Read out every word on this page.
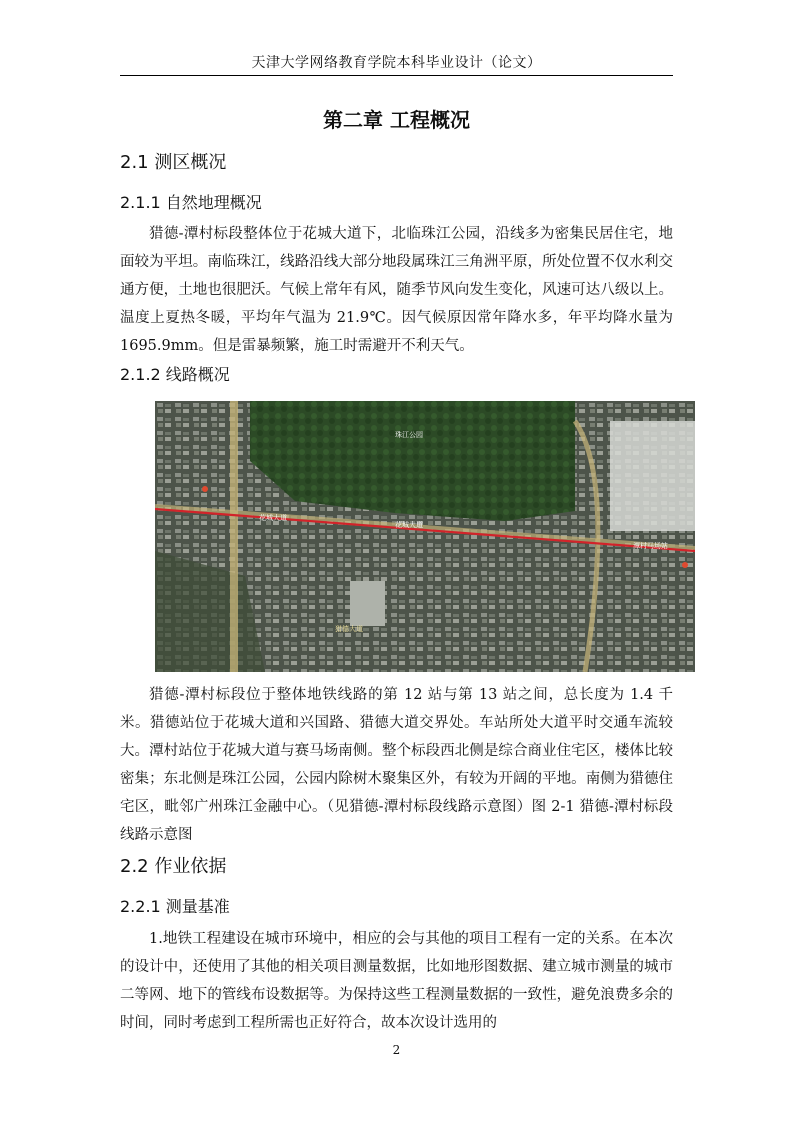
天津大学网络教育学院本科毕业设计（论文）
第二章 工程概况
2.1 测区概况
2.1.1 自然地理概况

猎德-潭村标段整体位于花城大道下，北临珠江公园，沿线多为密集民居住宅，地面较为平坦。南临珠江，线路沿线大部分地段属珠江三角洲平原，所处位置不仅水利交通方便，土地也很肥沃。气候上常年有风，随季节风向发生变化，风速可达八级以上。温度上夏热冬暖，平均年气温为 21.9℃。因气候原因常年降水多，年平均降水量为 1695.9mm。但是雷暴频繁，施工时需避开不利天气。

2.1.2 线路概况
花城大道
花城大道
珠江公园
潭村马场站
猎德大道

猎德-潭村标段位于整体地铁线路的第 12 站与第 13 站之间，总长度为 1.4 千米。猎德站位于花城大道和兴国路、猎德大道交界处。车站所处大道平时交通车流较大。潭村站位于花城大道与赛马场南侧。整个标段西北侧是综合商业住宅区，楼体比较密集；东北侧是珠江公园，公园内除树木聚集区外，有较为开阔的平地。南侧为猎德住宅区，毗邻广州珠江金融中心。（见猎德-潭村标段线路示意图）图 2-1 猎德-潭村标段线路示意图

2.2 作业依据
2.2.1 测量基准

1.地铁工程建设在城市环境中，相应的会与其他的项目工程有一定的关系。在本次的设计中，还使用了其他的相关项目测量数据，比如地形图数据、建立城市测量的城市二等网、地下的管线布设数据等。为保持这些工程测量数据的一致性，避免浪费多余的时间，同时考虑到工程所需也正好符合，故本次设计选用的

2
